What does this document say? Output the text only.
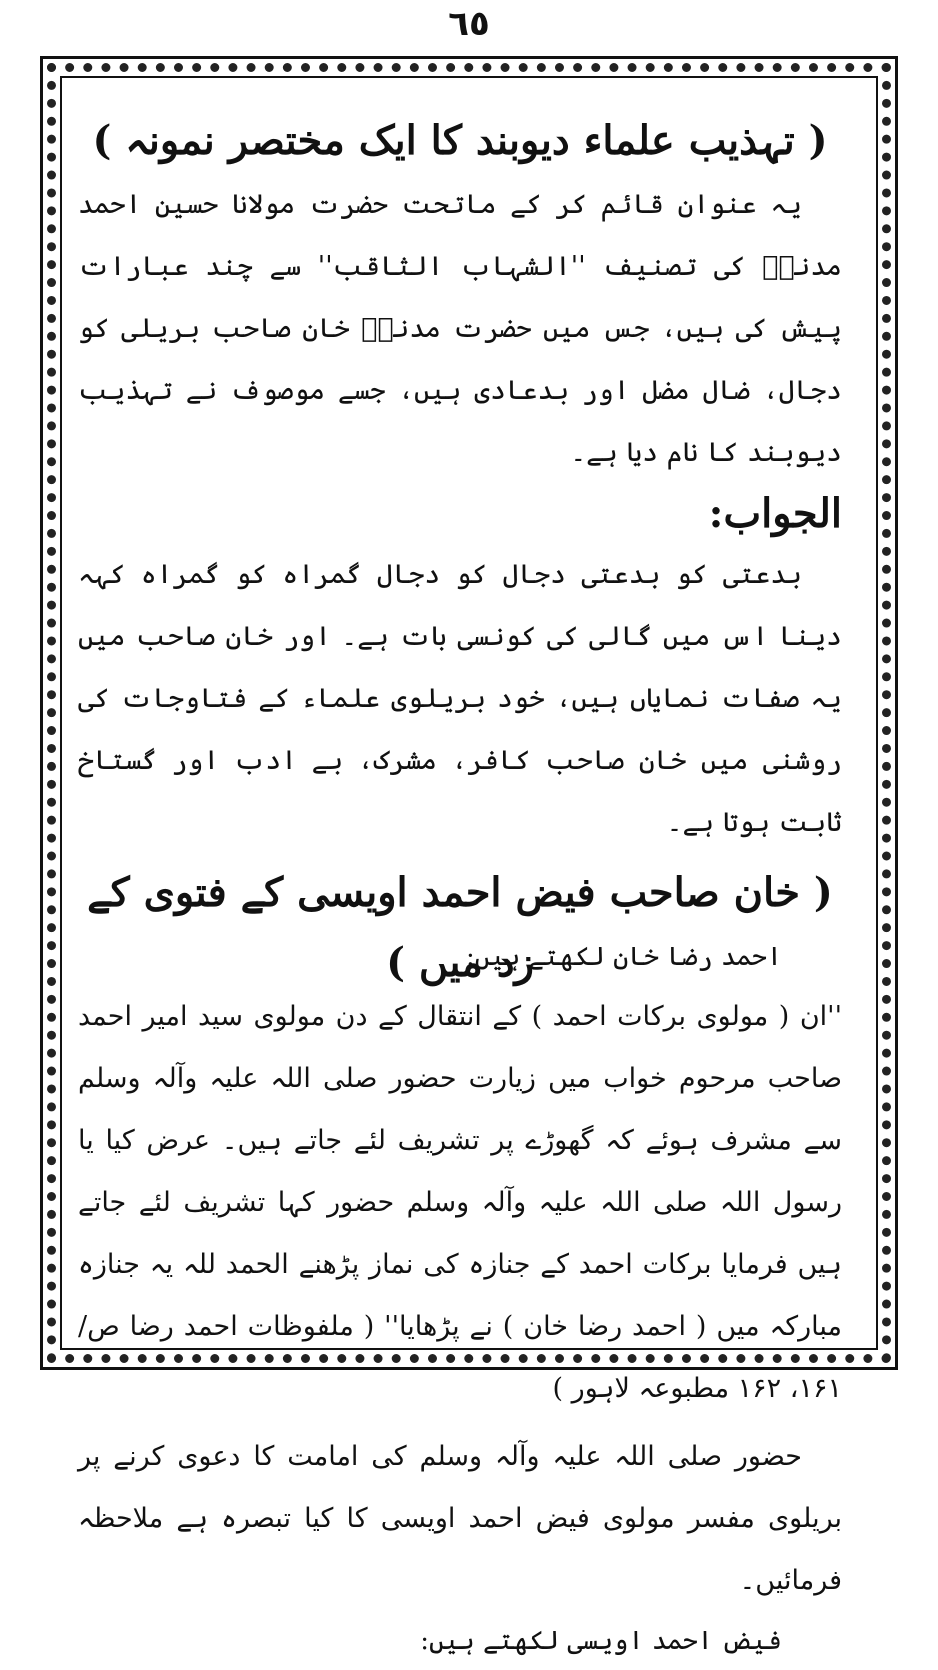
٦٥
( تہذیب علماء دیوبند کا ایک مختصر نمونہ )

یہ عنوان قائم کر کے ماتحت حضرت مولانا حسین احمد مدنیؒ کی تصنیف ''الشہاب الثاقب'' سے چند عبارات پیش کی ہیں، جس میں حضرت مدنیؒ خان صاحب بریلی کو دجال، ضال مضل اور بدعادی ہیں، جسے موصوف نے تہذیب دیوبند کا نام دیا ہے۔

الجواب:

بدعتی کو بدعتی دجال کو دجال گمراہ کو گمراہ کہہ دینا اس میں گالی کی کونسی بات ہے۔ اور خان صاحب میں یہ صفات نمایاں ہیں، خود بریلوی علماء کے فتاوجات کی روشنی میں خان صاحب کافر، مشرک، بے ادب اور گستاخ ثابت ہوتا ہے۔

( خان صاحب فیض احمد اویسی کے فتوی کے زد میں )

احمد رضا خان لکھتے ہیں:

''ان ( مولوی برکات احمد ) کے انتقال کے دن مولوی سید امیر احمد صاحب مرحوم خواب میں زیارت حضور صلی اللہ علیہ وآلہ وسلم سے مشرف ہوئے کہ گھوڑے پر تشریف لئے جاتے ہیں۔ عرض کیا یا رسول اللہ صلی اللہ علیہ وآلہ وسلم حضور کہا تشریف لئے جاتے ہیں فرمایا برکات احمد کے جنازہ کی نماز پڑھنے الحمد للہ یہ جنازہ مبارکہ میں ( احمد رضا خان ) نے پڑھایا'' ( ملفوظات احمد رضا ص/۱۶۱، ۱۶۲ مطبوعہ لاہور )

حضور صلی اللہ علیہ وآلہ وسلم کی امامت کا دعوی کرنے پر بریلوی مفسر مولوی فیض احمد اویسی کا کیا تبصرہ ہے ملاحظہ فرمائیں۔

فیض احمد اویسی لکھتے ہیں:
